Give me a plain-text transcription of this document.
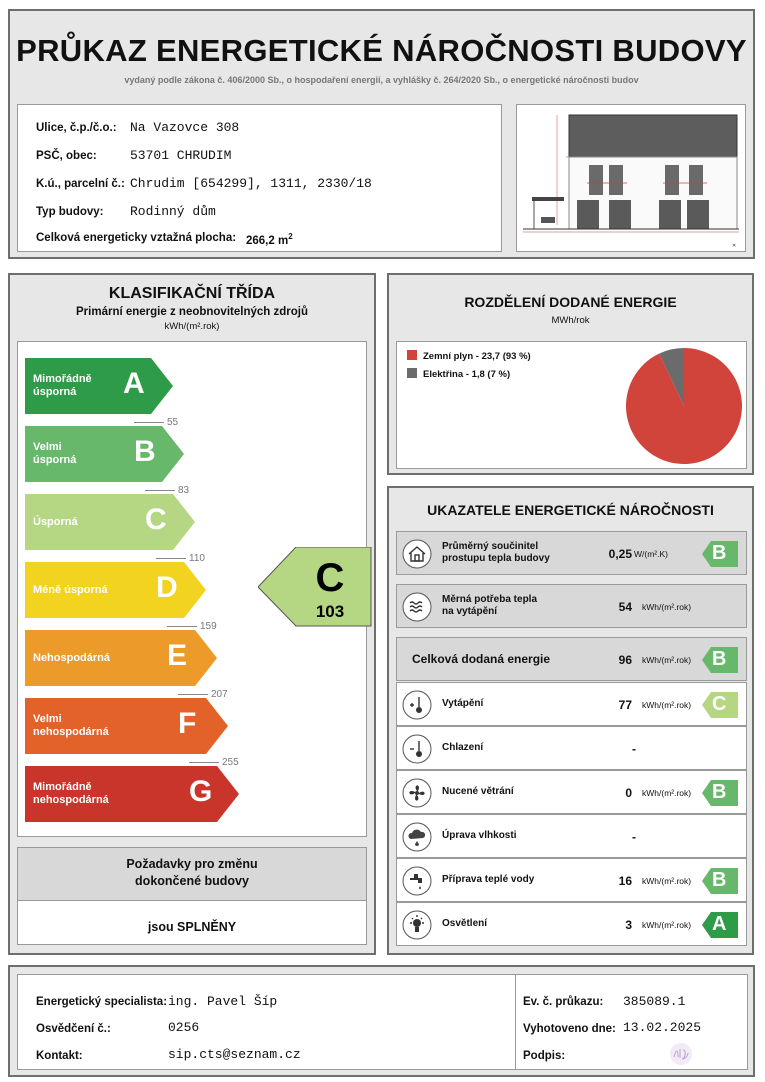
PRŮKAZ ENERGETICKÉ NÁROČNOSTI BUDOVY
vydaný podle zákona č. 406/2000 Sb., o hospodaření energií, a vyhlášky č. 264/2020 Sb., o energetické náročnosti budov
Ulice, č.p./č.o.: Na Vazovce 308
PSČ, obec:	53701 CHRUDIM
K.ú., parcelní č.: Chrudim [654299], 1311, 2330/18
Typ budovy: Rodinný dům
Celková energeticky vztažná plocha: 266,2 $m^2$
✕
KLASIFIKAČNÍ TŘÍDA
Primární energie z neobnovitelných zdrojů
kWh/(m².rok)
Mimořádně
úsporná	A
55
Velmi
úsporná B
83
Úsporná C
110
Méně úsporná D
159
Nehospodárná E
207
Velmi
nehospodárná F
255
Mimořádně
nehospodárná	G
C
103
Požadavky pro změnu
dokončené budovy
jsou SPLNĚNY
ROZDĚLENÍ DODANÉ ENERGIE
MWh/rok
Zemní plyn - 23,7 (93 %)
Elektřina - 1,8 (7 %)
UKAZATELE ENERGETICKÉ NÁROČNOSTI
Průměrný součinitel
prostupu tepla budovy	0,25 W/(m².K) B
Měrná potřeba tepla
na vytápění	54 kWh/(m².rok)
Celková dodaná energie	96 kWh/(m².rok) B
Vytápění	77 kWh/(m².rok) C
Chlazení	-
Nucené větrání	0 kWh/(m².rok) B
Úprava vlhkosti	-
Příprava teplé vody	16 kWh/(m².rok) B
Osvětlení	3 kWh/(m².rok) A
Energetický specialista: ing. Pavel Šíp
Osvědčení č.:	0256
Kontakt:	sip.cts@seznam.cz
Ev. č. průkazu: 385089.1
Vyhotoveno dne: 13.02.2025
Podpis:
